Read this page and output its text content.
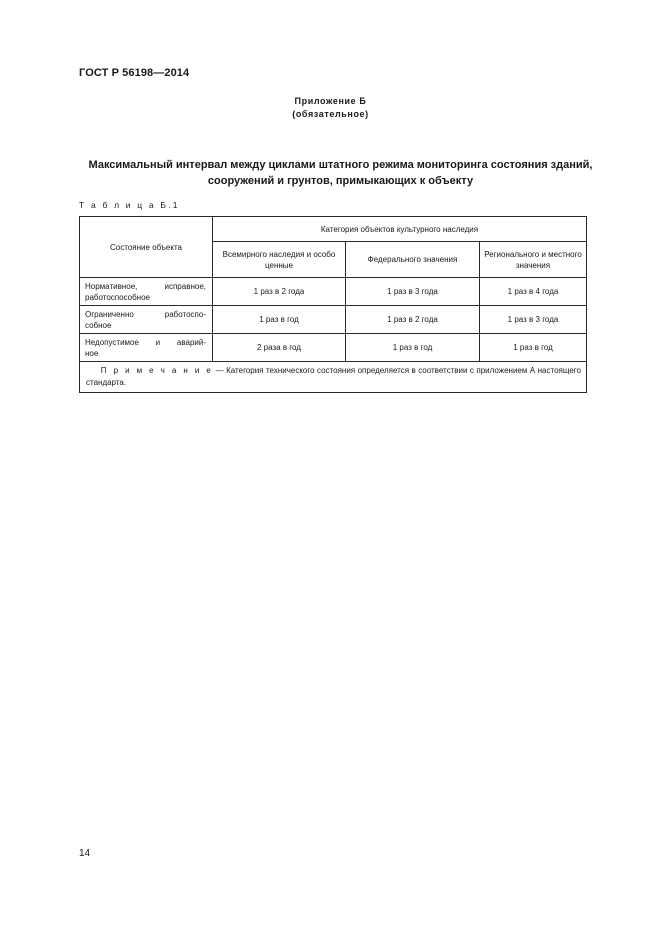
ГОСТ Р 56198—2014
Приложение Б
(обязательное)
Максимальный интервал между циклами штатного режима мониторинга состояния зданий, сооружений и грунтов, примыкающих к объекту
Т а б л и ц а Б.1
Состояние объекта	Категория объектов культурного наследия		
	Всемирного наследия и особо ценные	Федерального значения	Регионального и местного значения
Нормативное, исправное,
работоспособное	1 раз в 2 года	1 раз в 3 года	1 раз в 4 года
Ограниченно работоспо-
собное	1 раз в год	1 раз в 2 года	1 раз в 3 года
Недопустимое и аварий-
ное	2 раза в год	1 раз в год	1 раз в год
П р и м е ч а н и е — Категория технического состояния определяется в соответствии с приложением А настоящего стандарта.			
14
